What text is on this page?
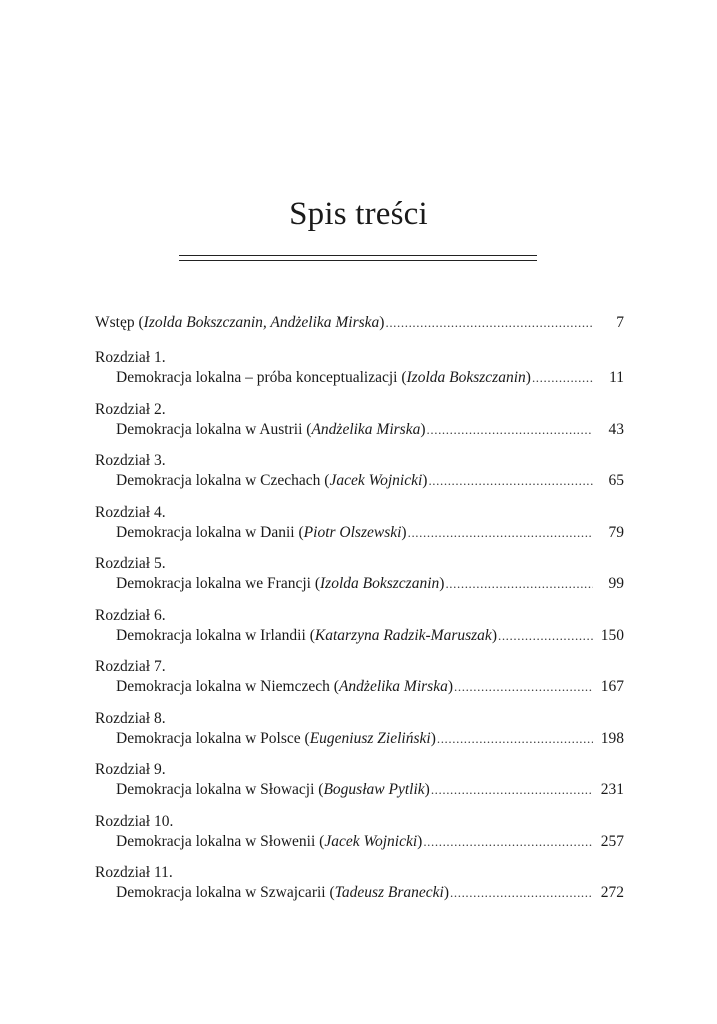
Spis treści
Wstęp (Izolda Bokszczanin, Andżelika Mirska) .....	7
Rozdział 1.
Demokracja lokalna – próba konceptualizacji (Izolda Bokszczanin) .....	11
Rozdział 2.
Demokracja lokalna w Austrii (Andżelika Mirska) .....	43
Rozdział 3.
Demokracja lokalna w Czechach (Jacek Wojnicki) .....	65
Rozdział 4.
Demokracja lokalna w Danii (Piotr Olszewski) .....	79
Rozdział 5.
Demokracja lokalna we Francji (Izolda Bokszczanin) .....	99
Rozdział 6.
Demokracja lokalna w Irlandii (Katarzyna Radzik-Maruszak) .....	150
Rozdział 7.
Demokracja lokalna w Niemczech (Andżelika Mirska) .....	167
Rozdział 8.
Demokracja lokalna w Polsce (Eugeniusz Zieliński) .....	198
Rozdział 9.
Demokracja lokalna w Słowacji (Bogusław Pytlik) .....	231
Rozdział 10.
Demokracja lokalna w Słowenii (Jacek Wojnicki) .....	257
Rozdział 11.
Demokracja lokalna w Szwajcarii (Tadeusz Branecki) .....	272
